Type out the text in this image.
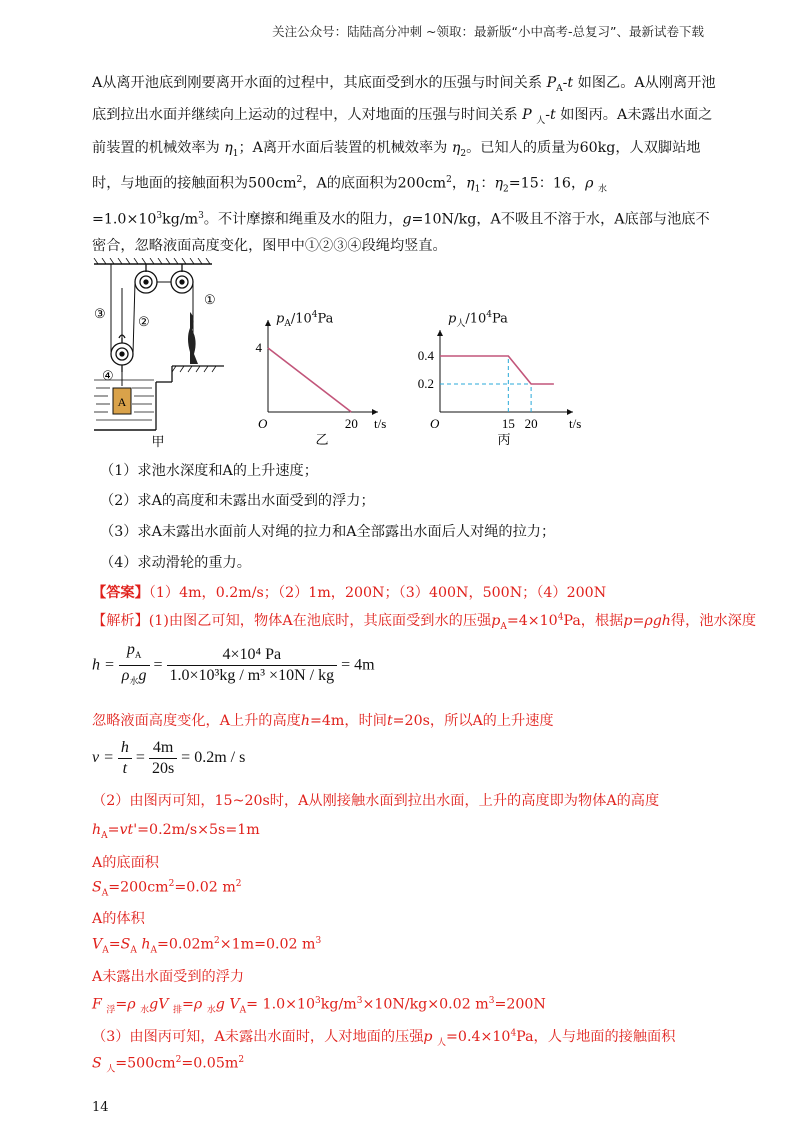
关注公众号：陆陆高分冲刺 ~领取：最新版“小中高考-总复习”、最新试卷下载
A从离开池底到刚要离开水面的过程中，其底面受到水的压强与时间关系 $P_A-t$ 如图乙。A从刚离开池底到拉出水面并继续向上运动的过程中，人对地面的压强与时间关系 P $_人$-t 如图丙。A未露出水面之前装置的机械效率为 $\eta_1$；A离开水面后装置的机械效率为 $\eta_2$。已知人的质量为60kg，人双脚站地时，与地面的接触面积为$500cm^2$，A的底面积为$200cm^2$，$\eta_1$：$\eta_2=15$：16，ρ $_水=1.0\times 10^3kg/m^3$。不计摩擦和绳重及水的阻力，g=10N/kg，A不吸且不溶于水，A底部与池底不密合，忽略液面高度变化，图甲中①②③④段绳均竖直。
A
①
②
③
④
甲
$p_A/10^4Pa$
O	t/s
4
20
乙
$p_人/10^4Pa$
O	t/s
0.4
0.2
15 20
丙
（1）求池水深度和A的上升速度；
（2）求A的高度和未露出水面受到的浮力；
（3）求A未露出水面前人对绳的拉力和A全部露出水面后人对绳的拉力；
（4）求动滑轮的重力。
【答案】（1）4m，0.2m/s；（2）1m，200N；（3）400N，500N；（4）200N
【解析】(1)由图乙可知，物体A在池底时，其底面受到水的压强$p_A=4\times 10^4Pa$，根据p=ρgh得，池水深度
$h = \frac{p_A}{\rho_水g} = \frac{\text{4×10⁴ Pa}}{\text{1.0×10³kg / m³ ×10N / kg}} = 4m$
忽略液面高度变化，A上升的高度h=4m，时间t=20s，所以A的上升速度
$v = \frac{h}{t} = \frac{4m}{20s} = 0.2m / s$
（2）由图丙可知，15~20s时，A从刚接触水面到拉出水面，上升的高度即为物体A的高度
$h_A=vt'=0.2m/s\times 5s=1m$
A的底面积
$S_A=200cm^2=0.02$ $m^2$
A的体积
$V_A=S_A$ $h_A=0.02m^2\times 1m=0.02$ $m^3$
A未露出水面受到的浮力
F $_浮$=ρ $_水$gV $_排$=ρ $_水$g $V_A= 1.0\times 10^3kg/m^3\times 10N/kg\times 0.02$ $m^3=200N$
（3）由图丙可知，A未露出水面时，人对地面的压强p $_人=0.4\times 10^4Pa$，人与地面的接触面积
S $_人=500cm^2=0.05m^2$
14
